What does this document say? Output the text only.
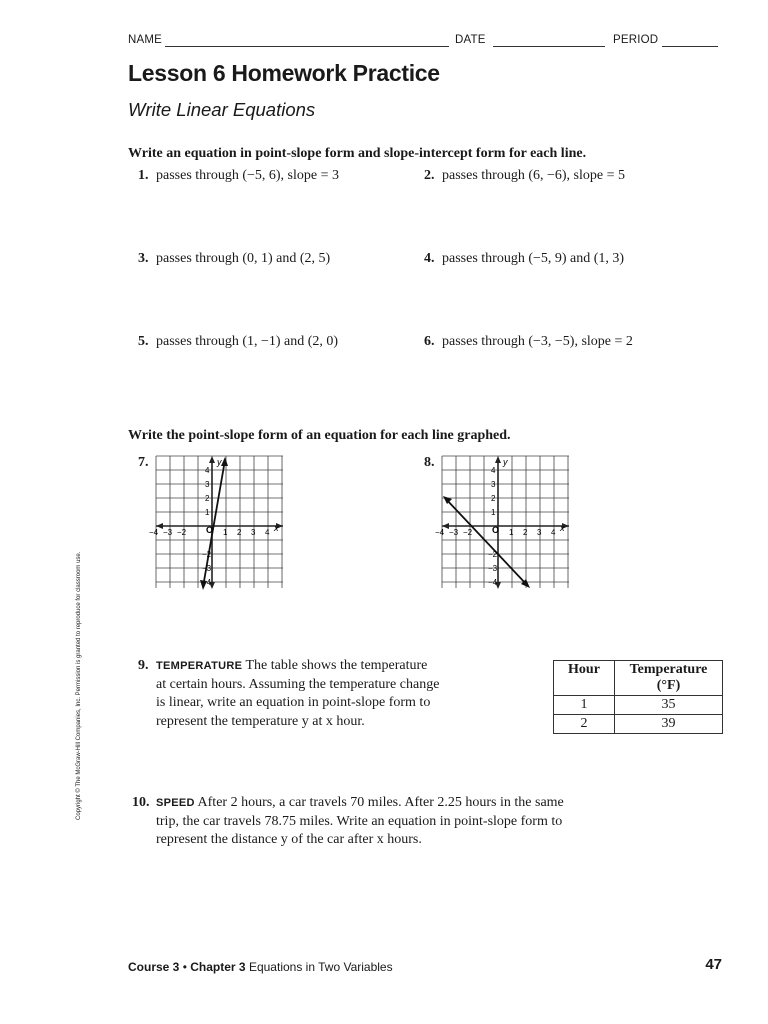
NAME	DATE	PERIOD
Lesson 6 Homework Practice
Write Linear Equations
Write an equation in point-slope form and slope-intercept form for each line.
1. passes through (−5, 6), slope = 3	2. passes through (6, −6), slope = 5
3. passes through (0, 1) and (2, 5)	4. passes through (−5, 9) and (1, 3)
5. passes through (1, −1) and (2, 0)	6. passes through (−3, −5), slope = 2
Write the point-slope form of an equation for each line graphed.
7.	8.
y
x
O
−4 −3 −2	1 2 3 4
4
3
2
1
−2
−3
−4
y
x
O
−4 −3 −2	1 2 3 4
4
3
2
1
−2
−3
−4
9. TEMPERATURE The table shows the temperature
at certain hours. Assuming the temperature change
is linear, write an equation in point-slope form to
represent the temperature y at x hour.
Hour	Temperature
(°F)
1	35
2	39
10. SPEED After 2 hours, a car travels 70 miles. After 2.25 hours in the same
trip, the car travels 78.75 miles. Write an equation in point-slope form to
represent the distance y of the car after x hours.
Copyright © The McGraw-Hill Companies, Inc. Permission is granted to reproduce for classroom use.
Course 3 • Chapter 3 Equations in Two Variables	47
